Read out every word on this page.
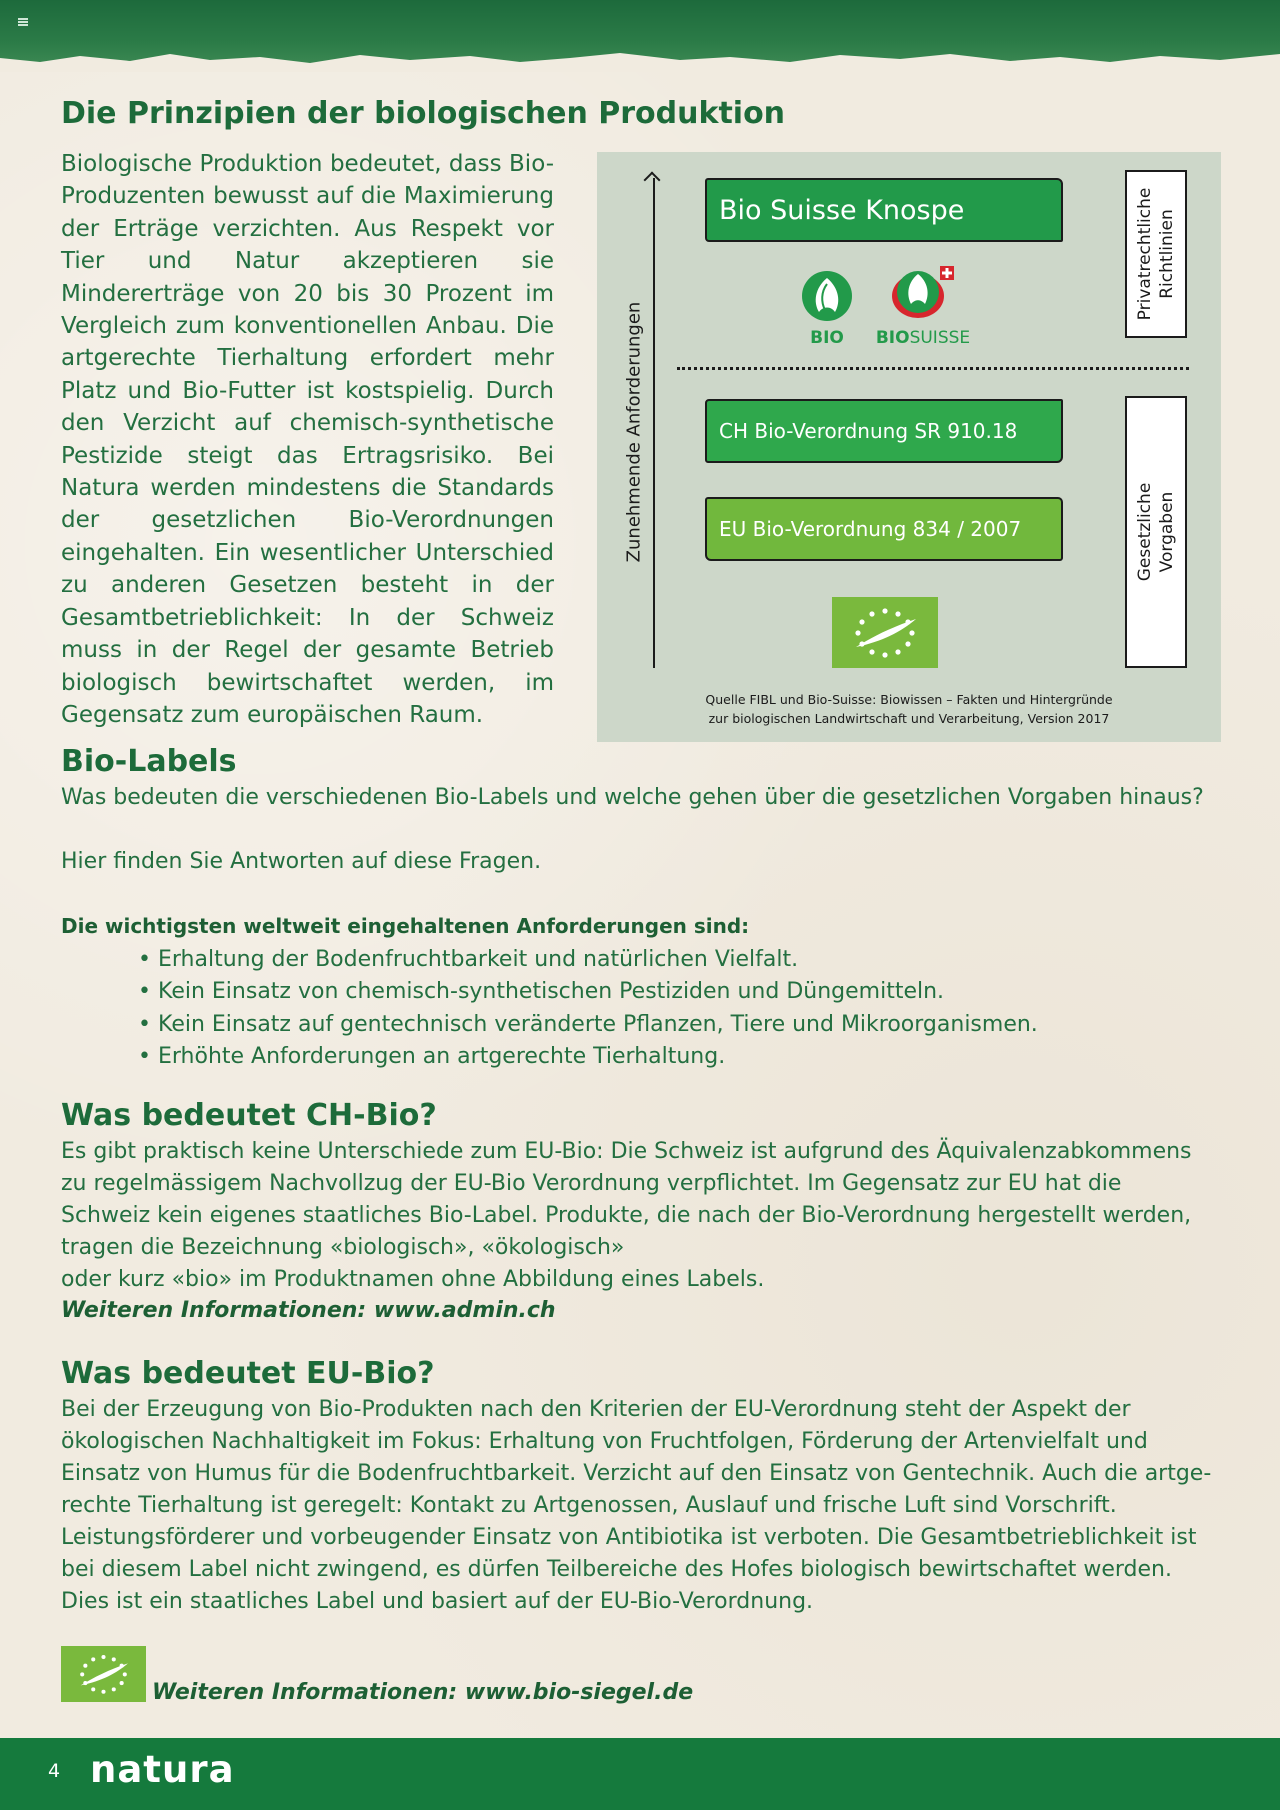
Die Prinzipien der biologischen Produktion

Biologische Produktion bedeutet, dass Bio-Produzenten bewusst auf die Maximierung der Erträge verzichten. Aus Respekt vor Tier und Natur akzeptieren sie Mindererträge von 20 bis 30 Prozent im Vergleich zum konventionellen Anbau. Die artgerechte Tierhaltung erfordert mehr Platz und Bio-Futter ist kostspielig. Durch den Verzicht auf chemisch-synthetische Pestizide steigt das Ertragsrisiko. Bei Natura werden mindestens die Standards der gesetzlichen Bio-Verordnungen eingehalten. Ein wesentlicher Unterschied zu anderen Gesetzen besteht in der Gesamtbetrieblichkeit: In der Schweiz muss in der Regel der gesamte Betrieb biologisch bewirtschaftet werden, im Gegensatz zum europäischen Raum.

Zunehmende Anforderungen
Bio Suisse Knospe
BIO	BIOSUISSE
CH Bio-Verordnung SR 910.18
EU Bio-Verordnung 834 / 2007
Privatrechtliche
Richtlinien
Gesetzliche
Vorgaben
Quelle FIBL und Bio-Suisse: Biowissen – Fakten und Hintergründe
zur biologischen Landwirtschaft und Verarbeitung, Version 2017
Bio-Labels

Was bedeuten die verschiedenen Bio-Labels und welche gehen über die gesetzlichen Vorgaben hinaus?

Hier finden Sie Antworten auf diese Fragen.

Die wichtigsten weltweit eingehaltenen Anforderungen sind:

• Erhaltung der Bodenfruchtbarkeit und natürlichen Vielfalt.
• Kein Einsatz von chemisch-synthetischen Pestiziden und Düngemitteln.
• Kein Einsatz auf gentechnisch veränderte Pflanzen, Tiere und Mikroorganismen.
• Erhöhte Anforderungen an artgerechte Tierhaltung.
Was bedeutet CH-Bio?

Es gibt praktisch keine Unterschiede zum EU-Bio: Die Schweiz ist aufgrund des Äquivalenzabkommens

zu regelmässigem Nachvollzug der EU-Bio Verordnung verpflichtet. Im Gegensatz zur EU hat die

Schweiz kein eigenes staatliches Bio-Label. Produkte, die nach der Bio-Verordnung hergestellt werden,

tragen die Bezeichnung «biologisch», «ökologisch»

oder kurz «bio» im Produktnamen ohne Abbildung eines Labels.

Weiteren Informationen: www.admin.ch

Was bedeutet EU-Bio?

Bei der Erzeugung von Bio-Produkten nach den Kriterien der EU-Verordnung steht der Aspekt der

ökologischen Nachhaltigkeit im Fokus: Erhaltung von Fruchtfolgen, Förderung der Artenvielfalt und

Einsatz von Humus für die Bodenfruchtbarkeit. Verzicht auf den Einsatz von Gentechnik. Auch die artge-

rechte Tierhaltung ist geregelt: Kontakt zu Artgenossen, Auslauf und frische Luft sind Vorschrift.

Leistungsförderer und vorbeugender Einsatz von Antibiotika ist verboten. Die Gesamtbetrieblichkeit ist

bei diesem Label nicht zwingend, es dürfen Teilbereiche des Hofes biologisch bewirtschaftet werden.

Dies ist ein staatliches Label und basiert auf der EU-Bio-Verordnung.

Weiteren Informationen: www.bio-siegel.de

4 natura
